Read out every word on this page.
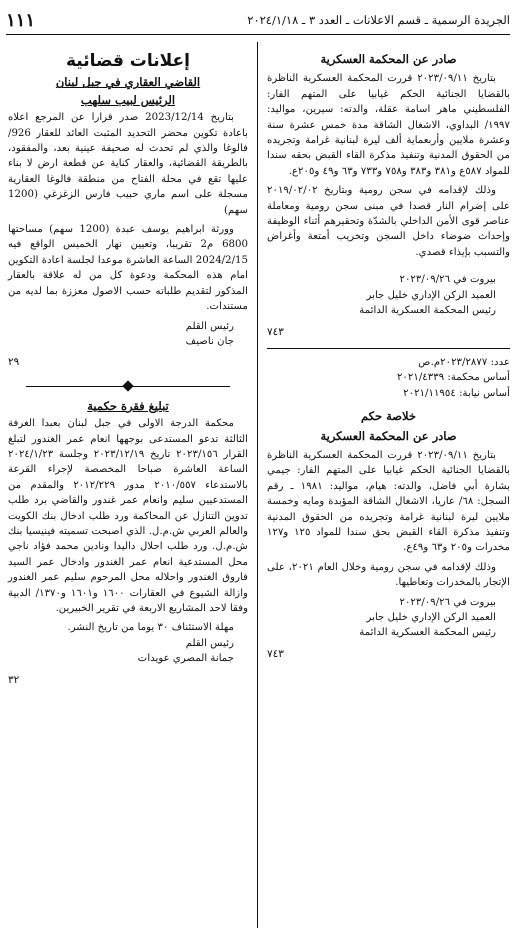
الجريدة الرسمية ـ قسم الاعلانات ـ العدد ٣ ـ ٢٠٢٤/١/١٨
١١١
صادر عن المحكمة العسكرية

بتاريخ ٢٠٢٣/٠٩/١١ قررت المحكمة العسكرية الناظرة بالقضايا الجنائية الحكم غيابيا على المتهم الفار: الفلسطيني ماهر اسامة عقلة، والدته: سيرين، مواليد: ١٩٩٧/ البداوي، الاشغال الشاقة مدة خمس عشرة سنة وعشرة ملايين وأربعماية ألف ليرة لبنانية غرامة وتجريده من الحقوق المدنية وتنفيذ مذكرة القاء القبض بحقه سندا للمواد ٥٨٧ع و٣٨١ و٣٨٣ و٧٥٨ و٧٣٣ و٦٣ و٤٩ و٢٠٥ع.

وذلك لإقدامه في سجن رومية وبتاريخ ٢٠١٩/٠٢/٠٢ على إضرام النار قصدا في مبنى سجن رومية ومعاملة عناصر قوى الأمن الداخلي بالشدّة وتحقيرهم أثناء الوظيفة وإحداث ضوضاء داخل السجن وتخريب أمتعة وأغراض والتسبب بإيذاء قصدي.

بيروت في ٢٠٢٣/٠٩/٢٦

العميد الركن الإداري خليل جابر

رئيس المحكمة العسكرية الدائمة

٧٤٣

عدد: ٢٠٢٣/٢٨٧٧م.ص

أساس محكمة: ٢٠٢١/٤٣٣٩

أساس نيابة: ٢٠٢١/١١٩٥٤

خلاصة حكم
صادر عن المحكمة العسكرية

بتاريخ ٢٠٢٣/٠٩/١١ قررت المحكمة العسكرية الناظرة بالقضايا الجنائية الحكم غيابيا على المتهم الفار: جيمي بشارة أبي فاضل، والدته: هيام، مواليد: ١٩٨١ ـ رقم السجل: ٦٨/ عاريا، الاشغال الشاقة المؤبدة ومايه وخمسة ملايين ليرة لبنانية غرامة وتجريده من الحقوق المدنية وتنفيذ مذكرة القاء القبض بحق سندا للمواد ١٢٥ و١٢٧ مخدرات و٢٠٥ و٦٣ و٤٩ع.

وذلك لإقدامه في سجن رومية وخلال العام ٢٠٢١، على الإتجار بالمخدرات وتعاطيها.

بيروت في ٢٠٢٣/٠٩/٢٦

العميد الركن الإداري خليل جابر

رئيس المحكمة العسكرية الدائمة

٧٤٣
إعلانات قضائية
القاضي العقاري في جبل لبنان
الرئيس لبيب سلهب

بتاريخ 2023/12/14 صدر قرارا عن المرجع اعلاه باعادة تكوين محضر التحديد المثبت العائد للعقار 926/فالوغا والذي لم تحدث له صحيفة عينية بعد، والمفقود، بالطريقة القضائية، والعقار كناية عن قطعة ارض لا بناء عليها تقع في محلة الفتاح من منطقة فالوغا العقارية مسجلة على اسم ماري حبيب فارس الزغزغي (1200 سهم)

وورثة ابراهيم يوسف عبدة (1200 سهم) مساحتها 6800 م2 تقريبا، وتعيين نهار الخميس الواقع فيه 2024/2/15 الساعة العاشرة موعدا لجلسة اعادة التكوين امام هذه المحكمة ودعوة كل من له علاقة بالعقار المذكور لتقديم طلباته حسب الاصول معززة بما لديه من مستندات.

رئيس القلم

جان ناصيف

٢٩
تبليغ فقرة حكمية

محكمة الدرجة الاولى في جبل لبنان بعبدا الغرفة الثالثة تدعو المستدعى بوجهها انعام عمر الغندور لتبلغ القرار ٢٠٢٣/١٥٦ تاريخ ٢٠٢٣/١٢/١٩ وجلسة ٢٠٢٤/١/٢٣ الساعة العاشرة صباحا المخصصة لإجراء القرعة بالاستدعاء ٢٠١٠/٥٥٧ مدور ٢٠١٢/٢٢٩ والمقدم من المستدعيين سليم وانعام عمر غندور والقاضي برد طلب تدوين التنازل عن المحاكمة ورد طلب ادخال بنك الكويت والعالم العربي ش.م.ل. الذي اصبحت تسميته فينيسيا بنك ش.م.ل. ورد طلب احلال داليدا ونادين محمد فؤاد ناجي محل المستدعية انعام عمر الغندور وادخال عمر السيد فاروق الغندور واحلاله محل المرحوم سليم عمر الغندور وازالة الشيوع في العقارات ١٦٠٠ و١٦٠١ و١٣٧٠/ الدبية وفقا لاحد المشاريع الاربعة في تقرير الخبيرين.

مهلة الاستئناف ٣٠ يوما من تاريخ النشر.

رئيس القلم

جمانة المصري عويدات

٣٢
